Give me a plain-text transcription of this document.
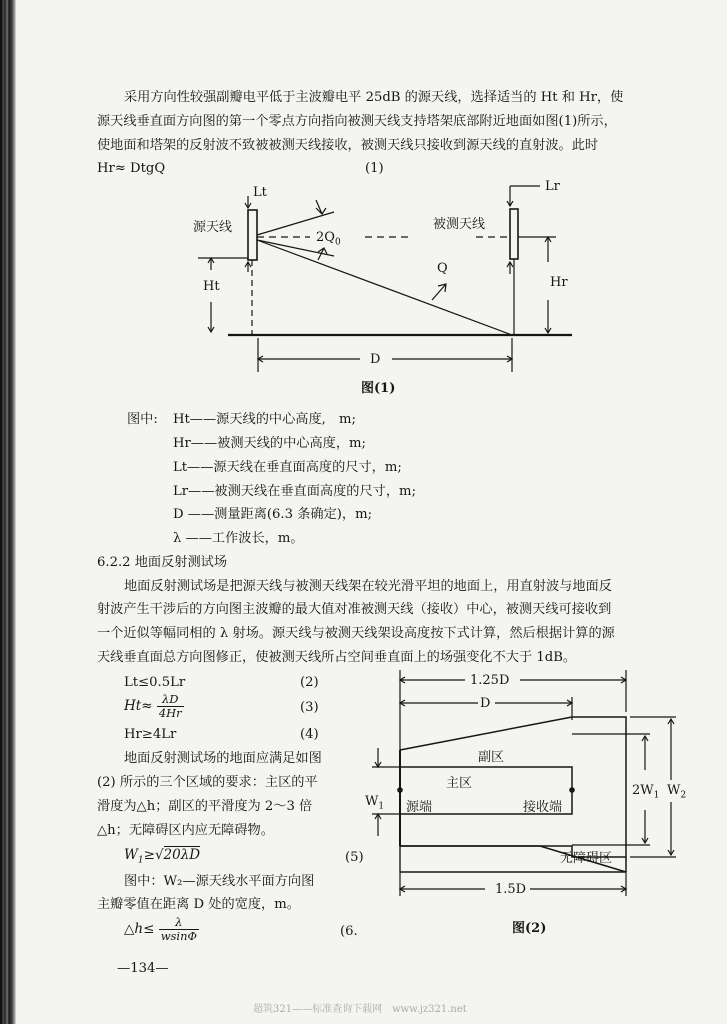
采用方向性较强副瓣电平低于主波瓣电平 25dB 的源天线，选择适当的 Ht 和 Hr，使
源天线垂直面方向图的第一个零点方向指向被测天线支持塔架底部附近地面如图(1)所示，
使地面和塔架的反射波不致被被测天线接收，被测天线只接收到源天线的直射波。此时
Hr≈ DtgQ	(1)
Lt	Lr
源天线	被测天线
$2Q_0$
Q
Ht	Hr
D
图(1)
图中: Ht——源天线的中心高度,　m;
Hr——被测天线的中心高度，m;
Lt——源天线在垂直面高度的尺寸，m;
Lr——被测天线在垂直面高度的尺寸，m;
D ——测量距离(6.3 条确定)，m;
λ ——工作波长，m。
6.2.2 地面反射测试场
地面反射测试场是把源天线与被测天线架在较光滑平坦的地面上，用直射波与地面反
射波产生干涉后的方向图主波瓣的最大值对准被测天线（接收）中心，被测天线可接收到
一个近似等幅同相的 λ 射场。源天线与被测天线架设高度按下式计算，然后根据计算的源
天线垂直面总方向图修正，使被测天线所占空间垂直面上的场强变化不大于 1dB。
Lt≤0.5Lr	(2)
$Ht\approx \frac{\lambda D}{4Hr}$	(3)
Hr≥4Lr	(4)
地面反射测试场的地面应满足如图
(2) 所示的三个区域的要求：主区的平
滑度为△h；副区的平滑度为 2～3 倍
△h；无障碍区内应无障碍物。
$W_1\ge√20\lambda D$	(5)
图中：W₂—源天线水平面方向图
主瓣零值在距离 D 处的宽度，m。
△h≤ $\frac{\lambda}{wsin\Phi}$	(6.
1.25D
D
副区
主区
$W_1$ 源端	接收端
$2W_1$ $W_2$
无障碍区
1.5D
图(2)
—134—
超筑321——标准查询下载网　www.jz321.net
